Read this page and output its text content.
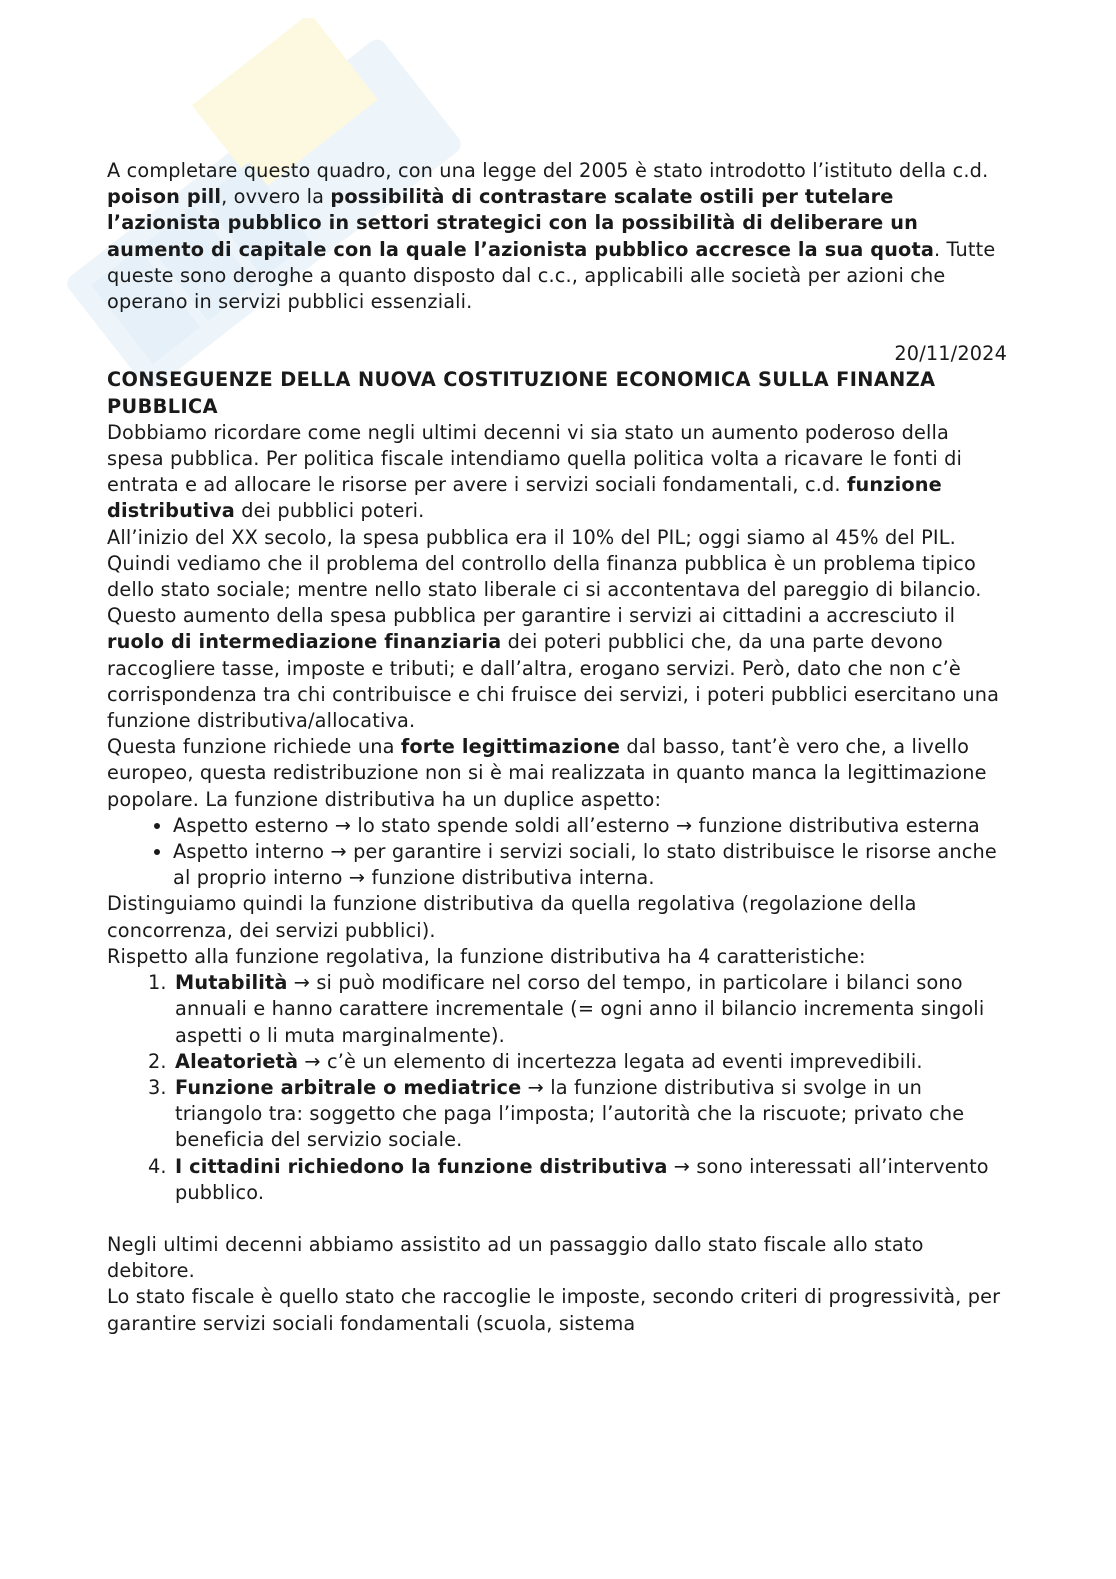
A completare questo quadro, con una legge del 2005 è stato introdotto l’istituto della c.d. poison pill, ovvero la possibilità di contrastare scalate ostili per tutelare l’azionista pubblico in settori strategici con la possibilità di deliberare un aumento di capitale con la quale l’azionista pubblico accresce la sua quota. Tutte queste sono deroghe a quanto disposto dal c.c., applicabili alle società per azioni che operano in servizi pubblici essenziali.

20/11/2024

CONSEGUENZE DELLA NUOVA COSTITUZIONE ECONOMICA SULLA FINANZA PUBBLICA

Dobbiamo ricordare come negli ultimi decenni vi sia stato un aumento poderoso della spesa pubblica. Per politica fiscale intendiamo quella politica volta a ricavare le fonti di entrata e ad allocare le risorse per avere i servizi sociali fondamentali, c.d. funzione distributiva dei pubblici poteri.

All’inizio del XX secolo, la spesa pubblica era il 10% del PIL; oggi siamo al 45% del PIL. Quindi vediamo che il problema del controllo della finanza pubblica è un problema tipico dello stato sociale; mentre nello stato liberale ci si accontentava del pareggio di bilancio.

Questo aumento della spesa pubblica per garantire i servizi ai cittadini a accresciuto il ruolo di intermediazione finanziaria dei poteri pubblici che, da una parte devono raccogliere tasse, imposte e tributi; e dall’altra, erogano servizi. Però, dato che non c’è corrispondenza tra chi contribuisce e chi fruisce dei servizi, i poteri pubblici esercitano una funzione distributiva/allocativa.

Questa funzione richiede una forte legittimazione dal basso, tant’è vero che, a livello europeo, questa redistribuzione non si è mai realizzata in quanto manca la legittimazione popolare. La funzione distributiva ha un duplice aspetto:

• Aspetto esterno → lo stato spende soldi all’esterno → funzione distributiva esterna
• Aspetto interno → per garantire i servizi sociali, lo stato distribuisce le risorse anche al proprio interno → funzione distributiva interna.

Distinguiamo quindi la funzione distributiva da quella regolativa (regolazione della concorrenza, dei servizi pubblici).

Rispetto alla funzione regolativa, la funzione distributiva ha 4 caratteristiche:

1. Mutabilità → si può modificare nel corso del tempo, in particolare i bilanci sono annuali e hanno carattere incrementale (= ogni anno il bilancio incrementa singoli aspetti o li muta marginalmente).
2. Aleatorietà → c’è un elemento di incertezza legata ad eventi imprevedibili.
3. Funzione arbitrale o mediatrice → la funzione distributiva si svolge in un triangolo tra: soggetto che paga l’imposta; l’autorità che la riscuote; privato che beneficia del servizio sociale.
4. I cittadini richiedono la funzione distributiva → sono interessati all’intervento pubblico.

Negli ultimi decenni abbiamo assistito ad un passaggio dallo stato fiscale allo stato debitore.

Lo stato fiscale è quello stato che raccoglie le imposte, secondo criteri di progressività, per garantire servizi sociali fondamentali (scuola, sistema
